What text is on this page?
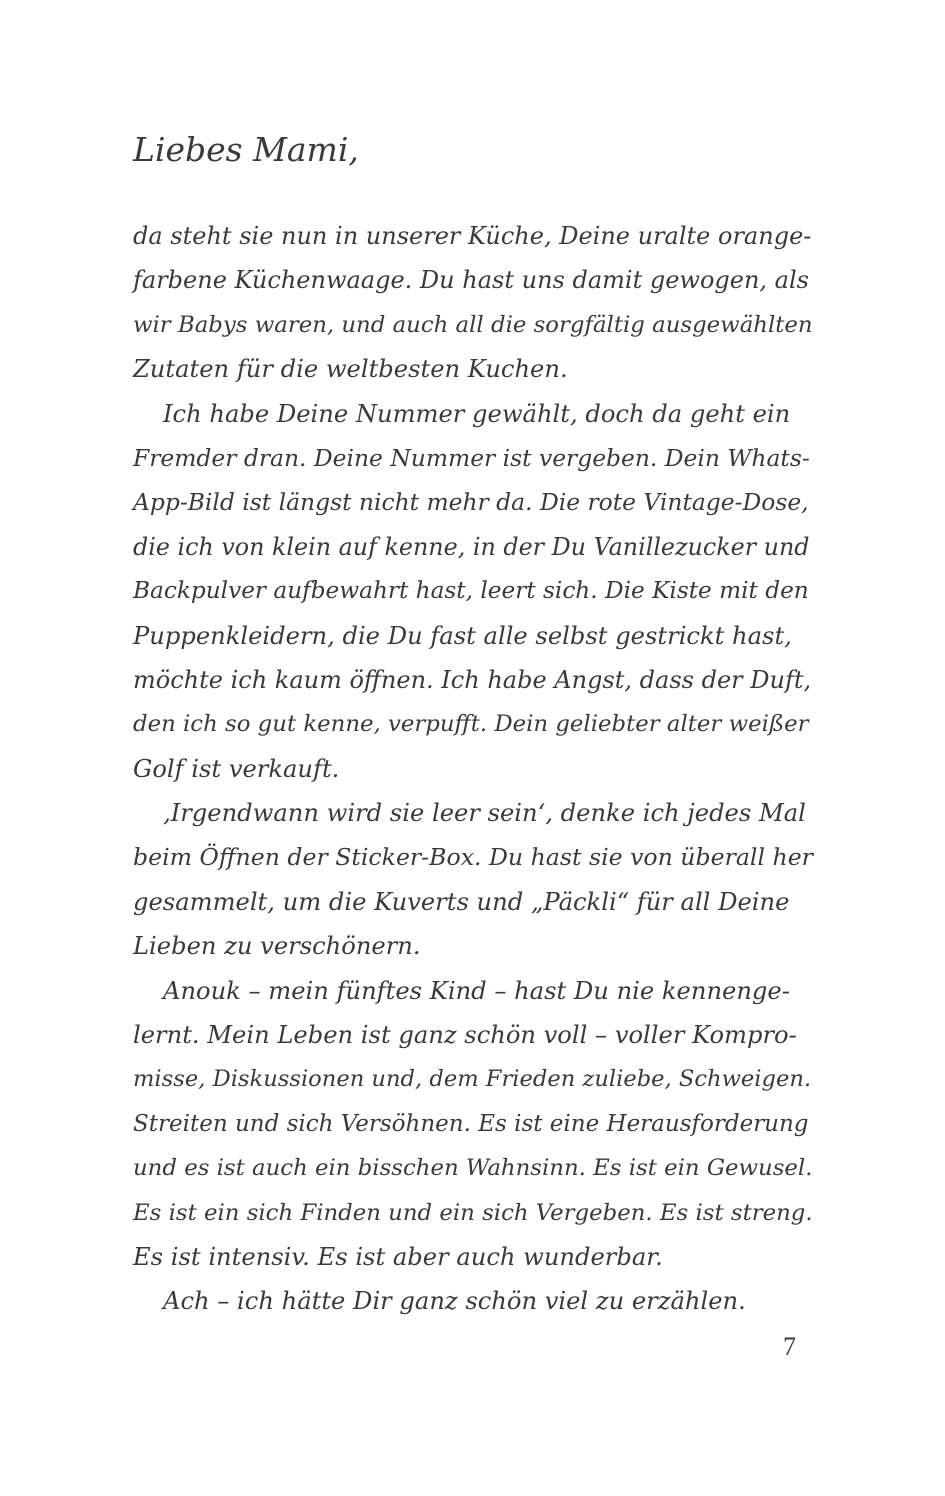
Liebes Mami,
da steht sie nun in unserer Küche, Deine uralte orange-
farbene Küchenwaage. Du hast uns damit gewogen, als
wir Babys waren, und auch all die sorgfältig ausgewählten
Zutaten für die weltbesten Kuchen.
Ich habe Deine Nummer gewählt, doch da geht ein
Fremder dran. Deine Nummer ist vergeben. Dein Whats-
App-Bild ist längst nicht mehr da. Die rote Vintage-Dose,
die ich von klein auf kenne, in der Du Vanillezucker und
Backpulver aufbewahrt hast, leert sich. Die Kiste mit den
Puppenkleidern, die Du fast alle selbst gestrickt hast,
möchte ich kaum öffnen. Ich habe Angst, dass der Duft,
den ich so gut kenne, verpufft. Dein geliebter alter weißer
Golf ist verkauft.
‚Irgendwann wird sie leer sein‘, denke ich jedes Mal
beim Öffnen der Sticker-Box. Du hast sie von überall her
gesammelt, um die Kuverts und „Päckli“ für all Deine
Lieben zu verschönern.
Anouk – mein fünftes Kind – hast Du nie kennenge-
lernt. Mein Leben ist ganz schön voll – voller Kompro-
misse, Diskussionen und, dem Frieden zuliebe, Schweigen.
Streiten und sich Versöhnen. Es ist eine Herausforderung
und es ist auch ein bisschen Wahnsinn. Es ist ein Gewusel.
Es ist ein sich Finden und ein sich Vergeben. Es ist streng.
Es ist intensiv. Es ist aber auch wunderbar.
Ach – ich hätte Dir ganz schön viel zu erzählen.
7
